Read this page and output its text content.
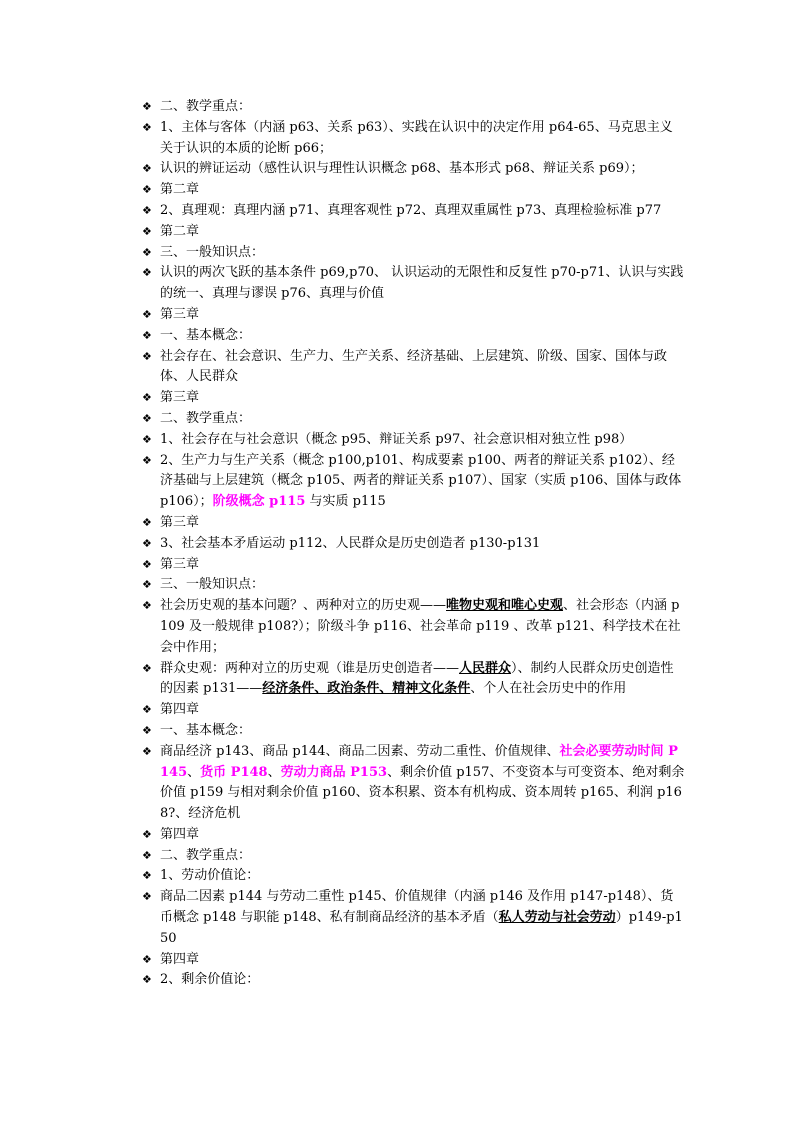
❖ 二、教学重点：
❖ 1、主体与客体（内涵 p63、关系 p63）、实践在认识中的决定作用 p64-65、马克思主义关于认识的本质的论断 p66；
❖ 认识的辨证运动（感性认识与理性认识概念 p68、基本形式 p68、辩证关系 p69）；
❖ 第二章
❖ 2、真理观：真理内涵 p71、真理客观性 p72、真理双重属性 p73、真理检验标准 p77
❖ 第二章
❖ 三、一般知识点：
❖ 认识的两次飞跃的基本条件 p69,p70、 认识运动的无限性和反复性 p70-p71、认识与实践的统一、真理与谬误 p76、真理与价值
❖ 第三章
❖ 一、基本概念：
❖ 社会存在、社会意识、生产力、生产关系、经济基础、上层建筑、阶级、国家、国体与政体、人民群众
❖ 第三章
❖ 二、教学重点：
❖ 1、社会存在与社会意识（概念 p95、辩证关系 p97、社会意识相对独立性 p98）
❖ 2、生产力与生产关系（概念 p100,p101、构成要素 p100、两者的辩证关系 p102）、经济基础与上层建筑（概念 p105、两者的辩证关系 p107）、国家（实质 p106、国体与政体 p106）；阶级概念 p115 与实质 p115
❖ 第三章
❖ 3、社会基本矛盾运动 p112、人民群众是历史创造者 p130-p131
❖ 第三章
❖ 三、一般知识点：
❖ 社会历史观的基本问题？、两种对立的历史观——唯物史观和唯心史观、社会形态（内涵 p109 及一般规律 p108?）；阶级斗争 p116、社会革命 p119 、改革 p121、科学技术在社会中作用；
❖ 群众史观：两种对立的历史观（谁是历史创造者——人民群众）、制约人民群众历史创造性的因素 p131——经济条件、政治条件、精神文化条件、个人在社会历史中的作用
❖ 第四章
❖ 一、基本概念：
❖ 商品经济 p143、商品 p144、商品二因素、劳动二重性、价值规律、社会必要劳动时间 P145、货币 P148、劳动力商品 P153、剩余价值 p157、不变资本与可变资本、绝对剩余价值 p159 与相对剩余价值 p160、资本积累、资本有机构成、资本周转 p165、利润 p168?、经济危机
❖ 第四章
❖ 二、教学重点：
❖ 1、劳动价值论：
❖ 商品二因素 p144 与劳动二重性 p145、价值规律（内涵 p146 及作用 p147-p148）、货币概念 p148 与职能 p148、私有制商品经济的基本矛盾（私人劳动与社会劳动）p149-p150
❖ 第四章
❖ 2、剩余价值论：
